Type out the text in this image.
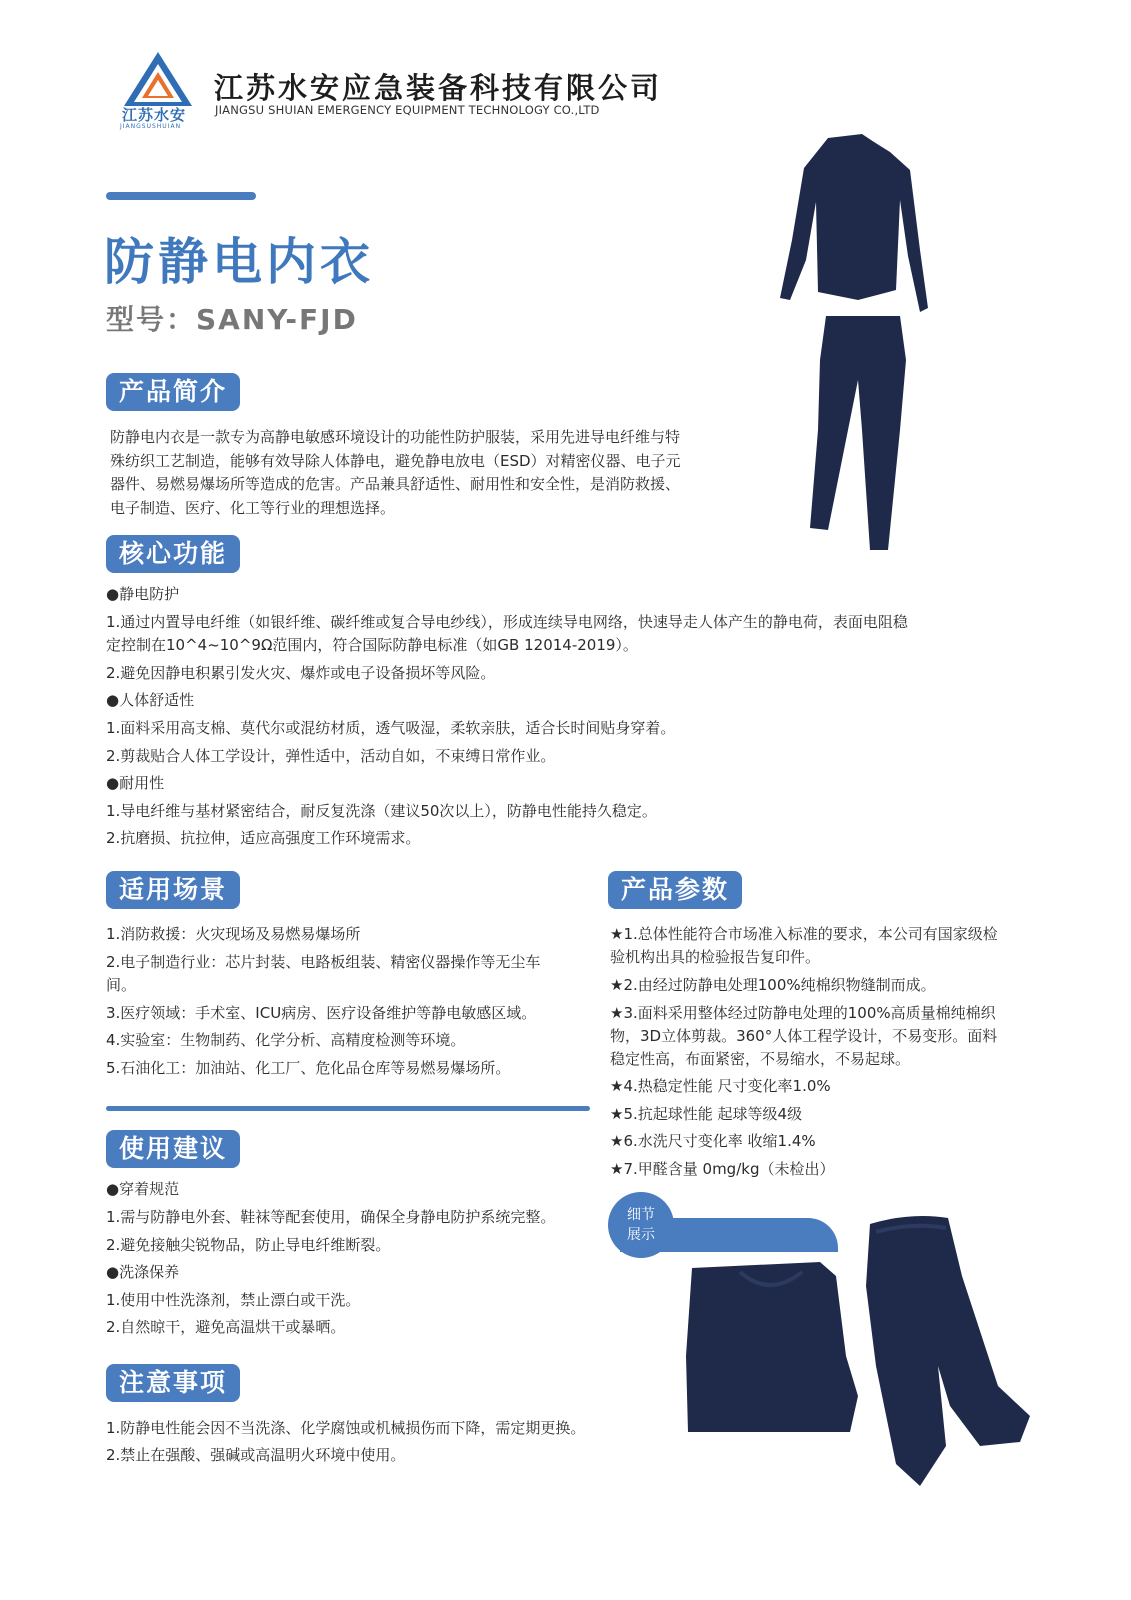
江苏水安
JIANGSUSHUIAN
江苏水安应急装备科技有限公司
JIANGSU SHUIAN EMERGENCY EQUIPMENT TECHNOLOGY CO.,LTD
防静电内衣
型号：SANY-FJD
产品简介
防静电内衣是一款专为高静电敏感环境设计的功能性防护服装，采用先进导电纤维与特
殊纺织工艺制造，能够有效导除人体静电，避免静电放电（ESD）对精密仪器、电子元
器件、易燃易爆场所等造成的危害。产品兼具舒适性、耐用性和安全性，是消防救援、
电子制造、医疗、化工等行业的理想选择。
核心功能
●静电防护
1.通过内置导电纤维（如银纤维、碳纤维或复合导电纱线），形成连续导电网络，快速导走人体产生的静电荷，表面电阻稳
定控制在10^4~10^9Ω范围内，符合国际防静电标准（如GB 12014-2019）。
2.避免因静电积累引发火灾、爆炸或电子设备损坏等风险。
●人体舒适性
1.面料采用高支棉、莫代尔或混纺材质，透气吸湿，柔软亲肤，适合长时间贴身穿着。
2.剪裁贴合人体工学设计，弹性适中，活动自如，不束缚日常作业。
●耐用性
1.导电纤维与基材紧密结合，耐反复洗涤（建议50次以上），防静电性能持久稳定。
2.抗磨损、抗拉伸，适应高强度工作环境需求。
适用场景
1.消防救援：火灾现场及易燃易爆场所
2.电子制造行业：芯片封装、电路板组装、精密仪器操作等无尘车
间。
3.医疗领域：手术室、ICU病房、医疗设备维护等静电敏感区域。
4.实验室：生物制药、化学分析、高精度检测等环境。
5.石油化工：加油站、化工厂、危化品仓库等易燃易爆场所。
产品参数
★1.总体性能符合市场准入标准的要求，本公司有国家级检
验机构出具的检验报告复印件。
★2.由经过防静电处理100%纯棉织物缝制而成。
★3.面料采用整体经过防静电处理的100%高质量棉纯棉织
物，3D立体剪裁。360°人体工程学设计，不易变形。面料
稳定性高，布面紧密，不易缩水，不易起球。
★4.热稳定性能 尺寸变化率1.0%
★5.抗起球性能 起球等级4级
★6.水洗尺寸变化率 收缩1.4%
★7.甲醛含量 0mg/kg（未检出）
细节
展示
使用建议
●穿着规范
1.需与防静电外套、鞋袜等配套使用，确保全身静电防护系统完整。
2.避免接触尖锐物品，防止导电纤维断裂。
●洗涤保养
1.使用中性洗涤剂，禁止漂白或干洗。
2.自然晾干，避免高温烘干或暴晒。
注意事项
1.防静电性能会因不当洗涤、化学腐蚀或机械损伤而下降，需定期更换。
2.禁止在强酸、强碱或高温明火环境中使用。
